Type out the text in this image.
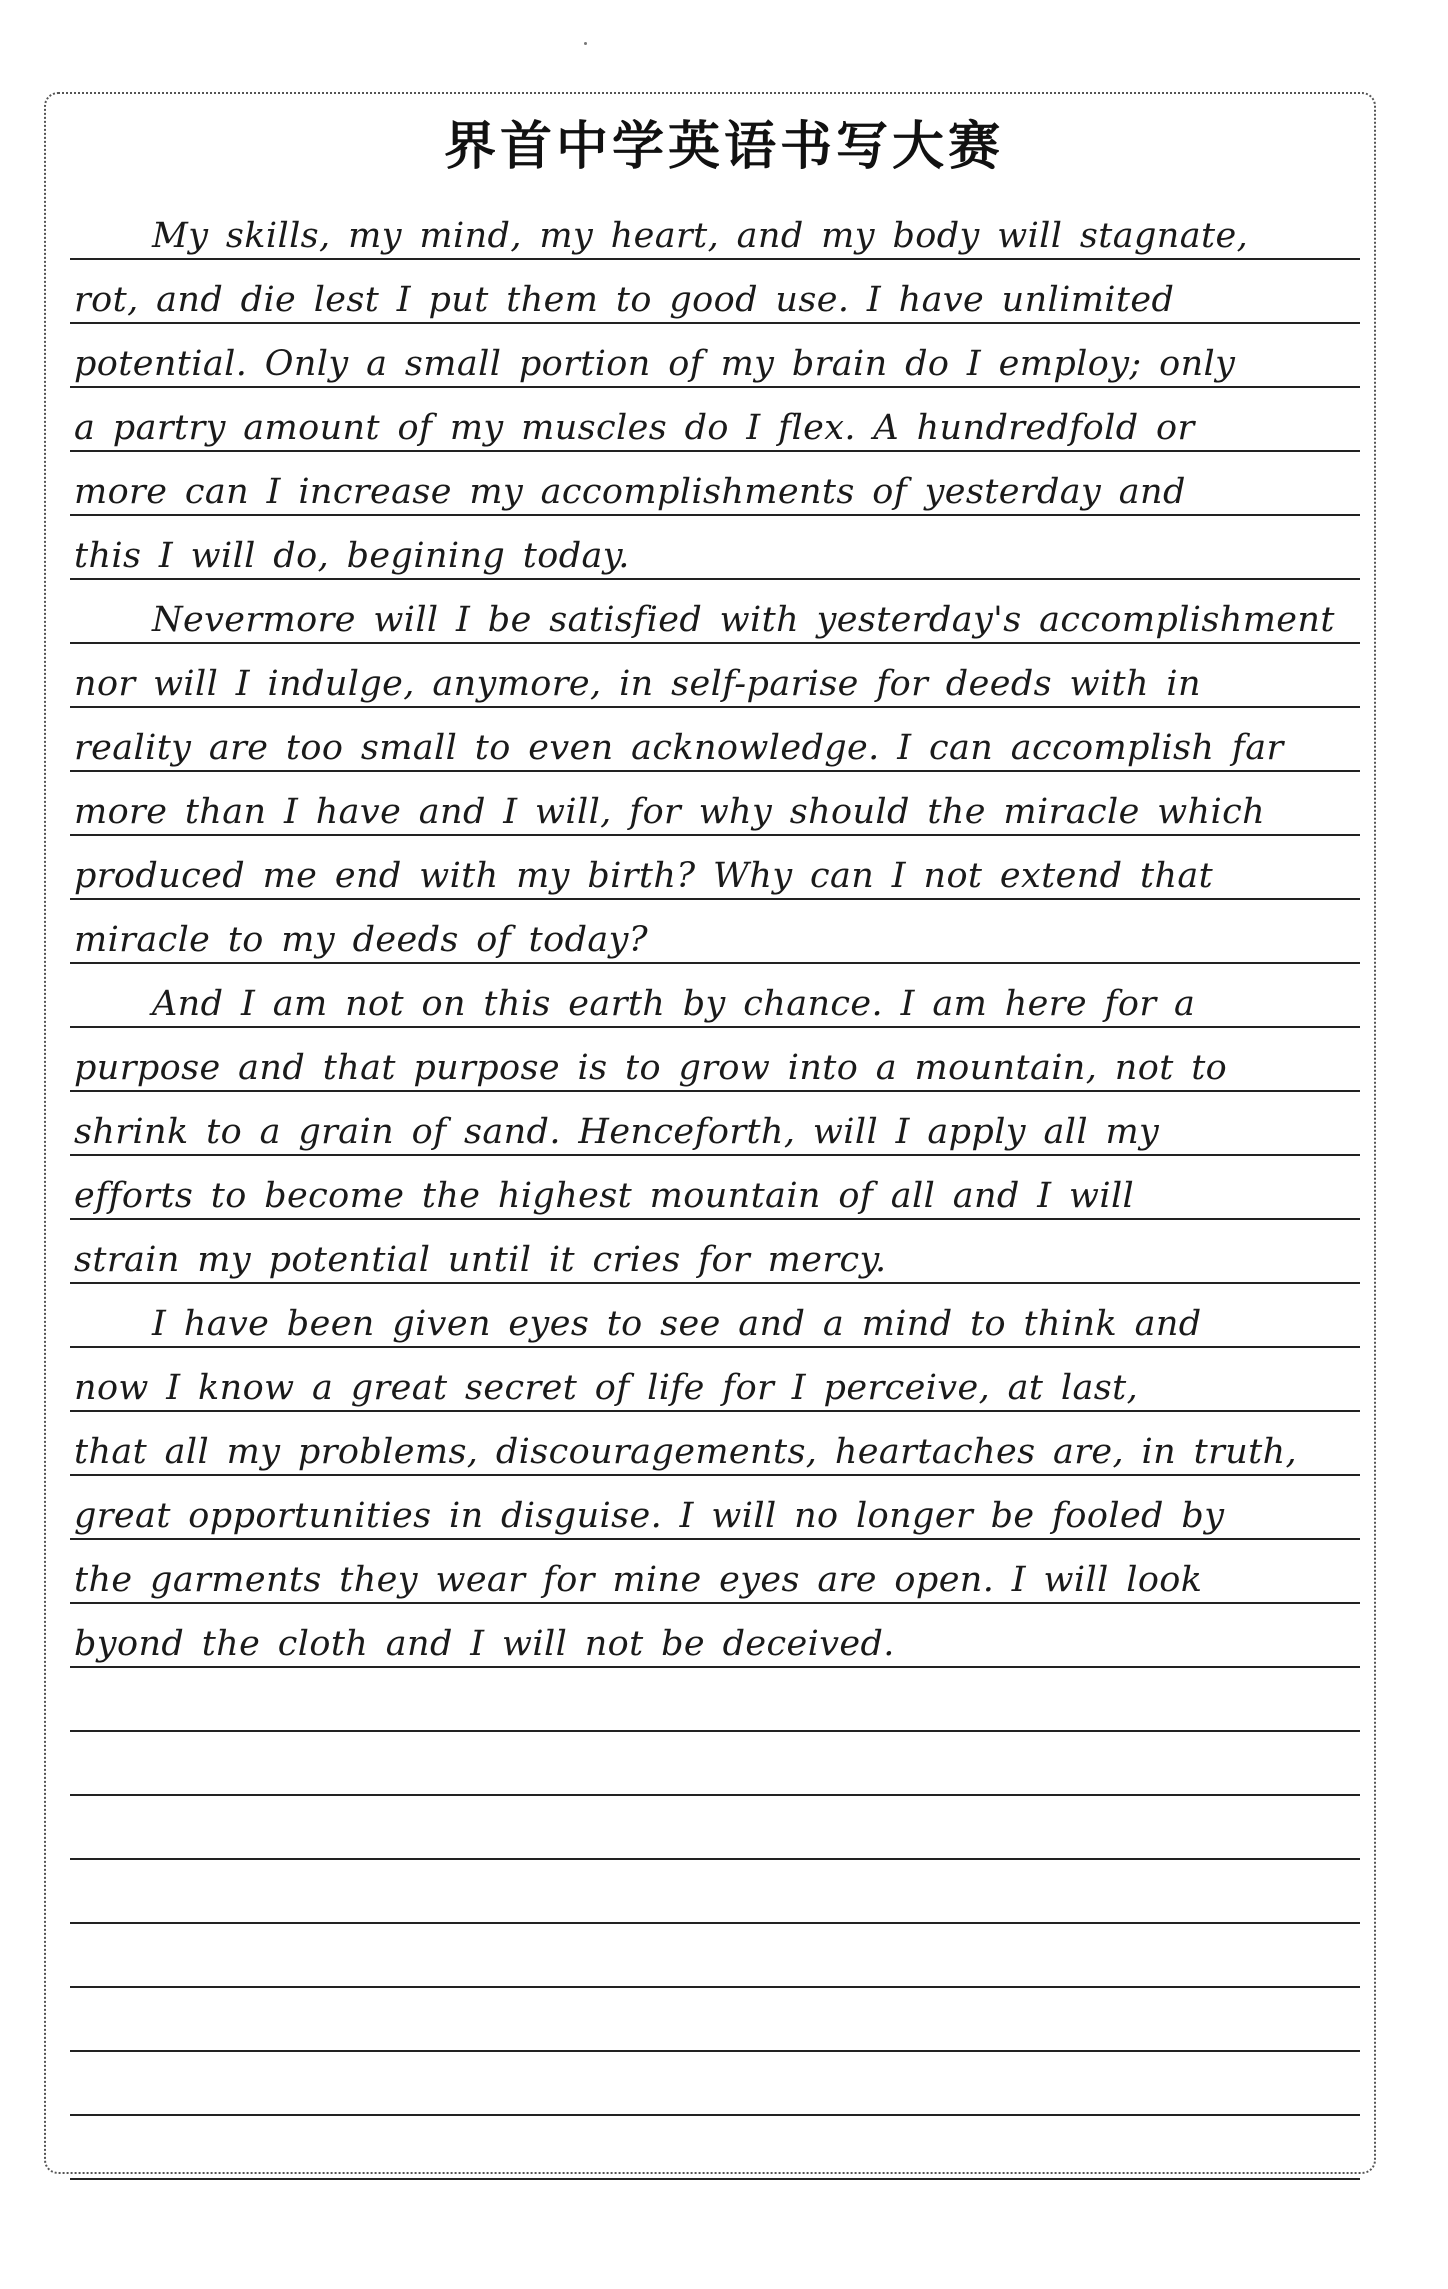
界首中学英语书写大赛
My skills, my mind, my heart, and my body will stagnate,
rot, and die lest I put them to good use. I have unlimited
potential. Only a small portion of my brain do I employ; only
a partry amount of my muscles do I flex. A hundredfold or
more can I increase my accomplishments of yesterday and
this I will do, begining today.
Nevermore will I be satisfied with yesterday's accomplishment
nor will I indulge, anymore, in self-parise for deeds with in
reality are too small to even acknowledge. I can accomplish far
more than I have and I will, for why should the miracle which
produced me end with my birth? Why can I not extend that
miracle to my deeds of today?
And I am not on this earth by chance. I am here for a
purpose and that purpose is to grow into a mountain, not to
shrink to a grain of sand. Henceforth, will I apply all my
efforts to become the highest mountain of all and I will
strain my potential until it cries for mercy.
I have been given eyes to see and a mind to think and
now I know a great secret of life for I perceive, at last,
that all my problems, discouragements, heartaches are, in truth,
great opportunities in disguise. I will no longer be fooled by
the garments they wear for mine eyes are open. I will look
byond the cloth and I will not be deceived.
